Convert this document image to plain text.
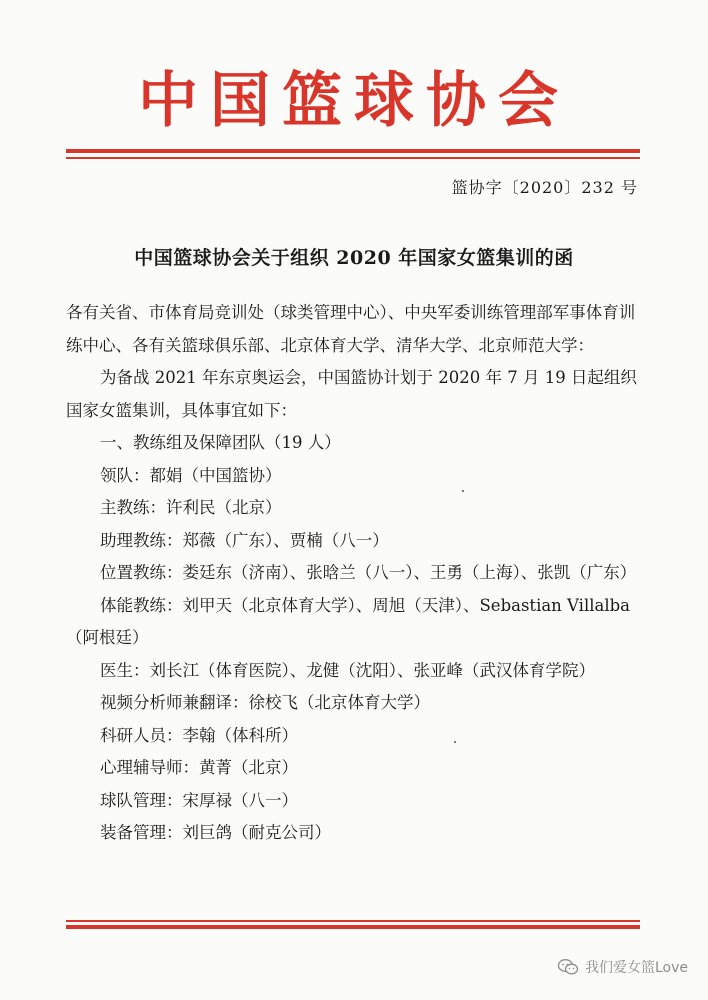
中国篮球协会
篮协字〔2020〕232 号
中国篮球协会关于组织 2020 年国家女篮集训的函

各有关省、市体育局竞训处（球类管理中心）、中央军委训练管理部军事体育训练中心、各有关篮球俱乐部、北京体育大学、清华大学、北京师范大学：

为备战 2021 年东京奥运会，中国篮协计划于 2020 年 7 月 19 日起组织国家女篮集训，具体事宜如下：

一、教练组及保障团队（19 人）

领队：都娟（中国篮协）

主教练：许利民（北京）

助理教练：郑薇（广东）、贾楠（八一）

位置教练：娄廷东（济南）、张晗兰（八一）、王勇（上海）、张凯（广东）

体能教练：刘甲天（北京体育大学）、周旭（天津）、Sebastian Villalba（阿根廷）

医生：刘长江（体育医院）、龙健（沈阳）、张亚峰（武汉体育学院）

视频分析师兼翻译：徐校飞（北京体育大学）

科研人员：李翰（体科所）

心理辅导师：黄菁（北京）

球队管理：宋厚禄（八一）

装备管理：刘巨鸽（耐克公司）

我们爱女篮Love
